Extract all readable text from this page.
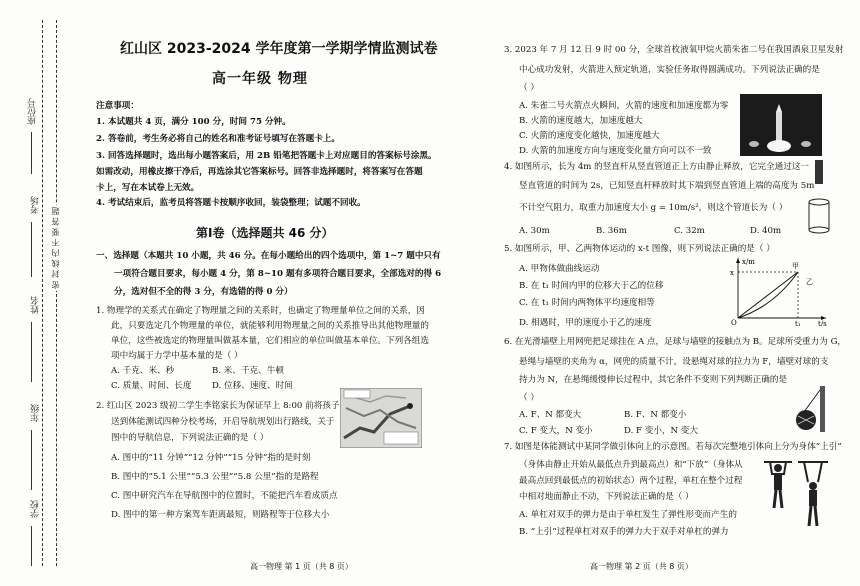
座位号
考场
姓名
年级
学校
密 封 线 内 不 要 答 题
红山区 2023-2024 学年度第一学期学情监测试卷
高一年级 物理
注意事项：
1. 本试题共 4 页，满分 100 分，时间 75 分钟。
2. 答卷前，考生务必将自己的姓名和准考证号填写在答题卡上。
3. 回答选择题时，选出每小题答案后，用 2B 铅笔把答题卡上对应题目的答案标号涂黑。
如需改动，用橡皮擦干净后，再选涂其它答案标号。回答非选择题时，将答案写在答题
卡上，写在本试卷上无效。
4. 考试结束后，监考员将答题卡按顺序收回，装袋整理；试题不回收。
第Ⅰ卷（选择题共 46 分）
一、选择题（本题共 10 小题，共 46 分。在每小题给出的四个选项中，第 1~7 题中只有
一项符合题目要求，每小题 4 分，第 8~10 题有多项符合题目要求，全部选对的得 6
分，选对但不全的得 3 分，有选错的得 0 分）
1. 物理学的关系式在确定了物理量之间的关系时，也确定了物理量单位之间的关系，因
此，只要选定几个物理量的单位，就能够利用物理量之间的关系推导出其他物理量的
单位，这些被选定的物理量叫做基本量，它们相应的单位叫做基本单位。下列各组选
项中均属于力学中基本量的是（ ）
A. 千克、米、秒	B. 米、千克、牛顿
C. 质量、时间、长度 D. 位移、速度、时间
2. 红山区 2023 级初二学生李铭家长为保证早上 8:00 前将孩子
送到体能测试四种分校考场，开启导航规划出行路线，关于
图中的导航信息，下列说法正确的是（ ）
A. 图中的“11 分钟”“12 分钟”“15 分钟”指的是时刻
B. 图中的“5.1 公里”“5.3 公里”“5.8 公里”指的是路程
C. 图中研究汽车在导航图中的位置时，不能把汽车看成质点
D. 图中的第一种方案驾车距离最短，则路程等于位移大小
高一物理 第 1 页（共 8 页）
3. 2023 年 7 月 12 日 9 时 00 分，全球首枚液氧甲烷火箭朱雀二号在我国酒泉卫星发射
中心成功发射，火箭进入预定轨道，实验任务取得圆满成功。下列说法正确的是
（ ）
A. 朱雀二号火箭点火瞬间，火箭的速度和加速度都为零
B. 火箭的速度越大，加速度越大
C. 火箭的速度变化越快，加速度越大
D. 火箭的加速度方向与速度变化量方向可以不一致
4. 如图所示，长为 4m 的竖直杆从竖直管道正上方由静止释放，它完全通过这一
竖直管道的时间为 2s，已知竖直杆释放时其下端到竖直管道上端的高度为 5m
不计空气阻力，取重力加速度大小 g = 10m/s²，则这个管道长为（ ）
A. 30m	B. 36m	C. 32m	D. 40m
5. 如图所示，甲、乙两物体运动的 x-t 图像，则下列说法正确的是（ ）
A. 甲物体做曲线运动
B. 在 t₁ 时间内甲的位移大于乙的位移
C. 在 t₁ 时间内两物体平均速度相等
D. 相遇时，甲的速度小于乙的速度
x/m
t/s
O	t₁
x
甲
乙
6. 在光滑墙壁上用网兜把足球挂在 A 点，足球与墙壁的接触点为 B。足球所受重力为 G，
悬绳与墙壁的夹角为 α，网兜的质量不计，设悬绳对球的拉力为 F，墙壁对球的支
持力为 N，在悬绳缓慢伸长过程中，其它条件不变则下列判断正确的是
（ ）
A. F、N 都变大	B. F、N 都变小
C. F 变大，N 变小	D. F 变小，N 变大
7. 如图是体能测试中某同学做引体向上的示意图。若每次完整地引体向上分为身体“上引”
（身体由静止开始从最低点升到最高点）和“下放”（身体从
最高点回到最低点的初始状态）两个过程，单杠在整个过程
中相对地面静止不动，下列说法正确的是（ ）
A. 单杠对双手的弹力是由于单杠发生了弹性形变而产生的
B. “上引”过程单杠对双手的弹力大于双手对单杠的弹力
高一物理 第 2 页（共 8 页）
